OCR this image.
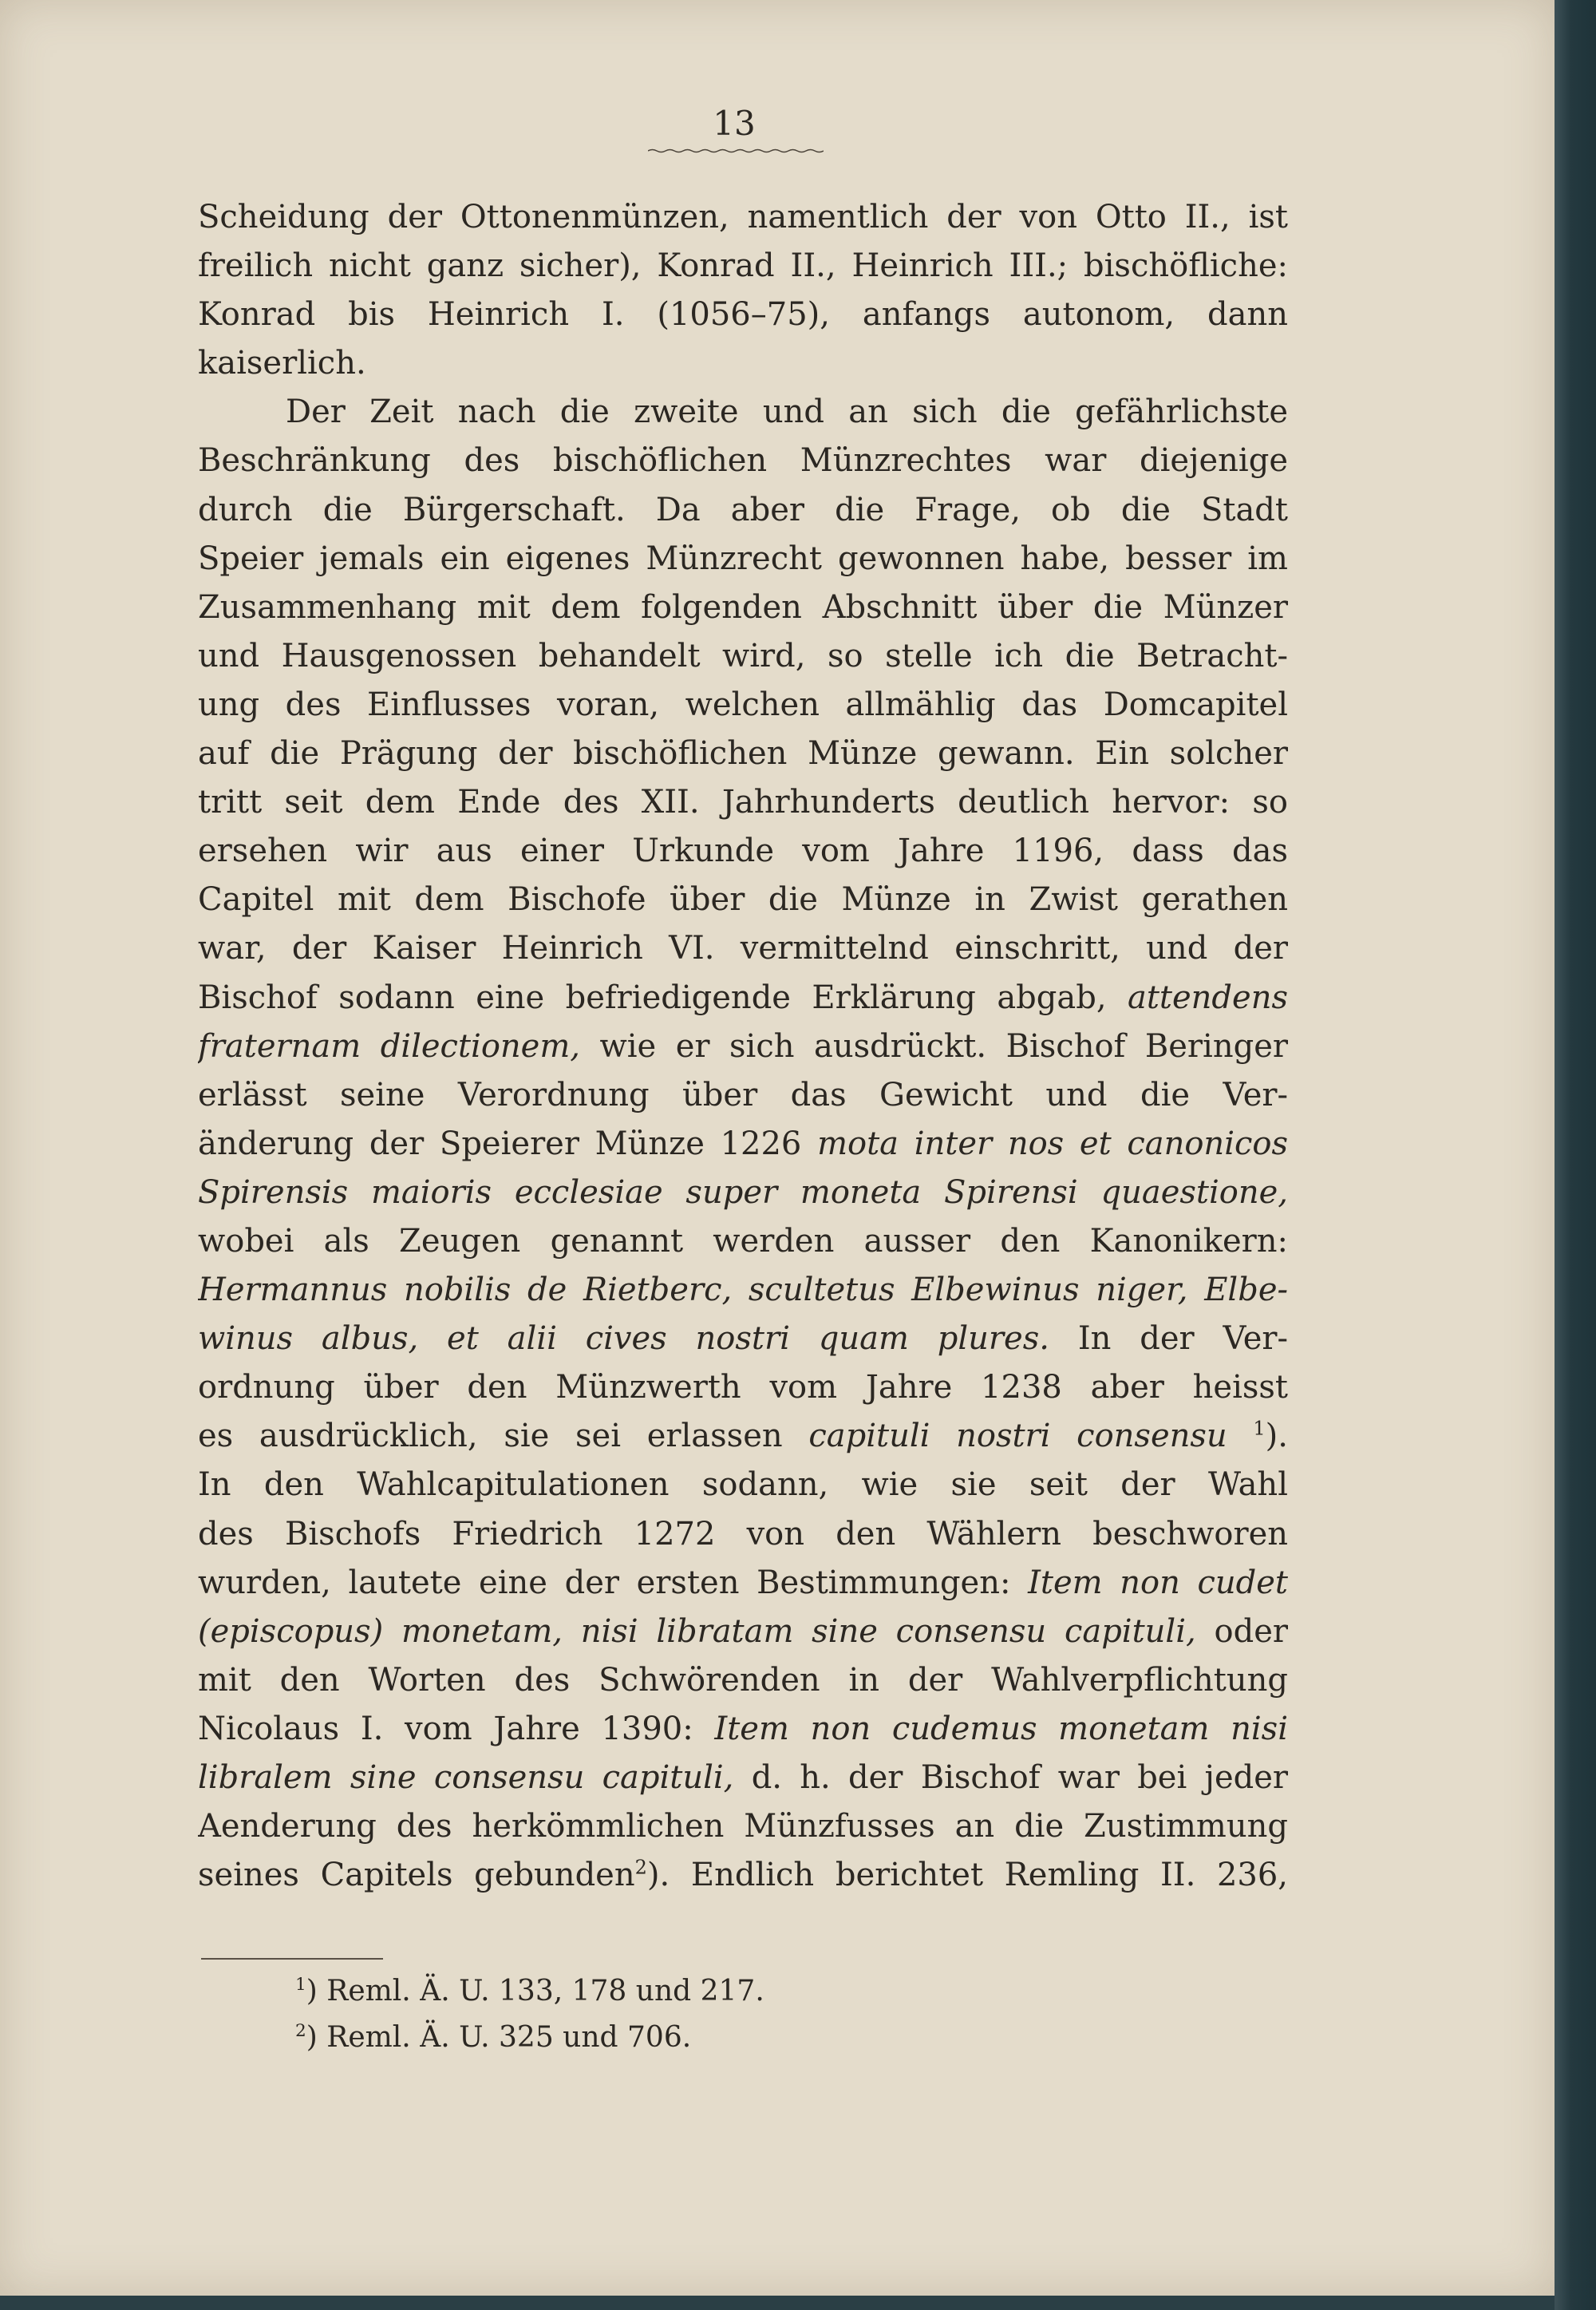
13
Scheidung der Ottonenmünzen, namentlich der von Otto II., ist
freilich nicht ganz sicher), Konrad II., Heinrich III.; bischöfliche:
Konrad bis Heinrich I. (1056–75), anfangs autonom, dann
kaiserlich.
Der Zeit nach die zweite und an sich die gefährlichste
Beschränkung des bischöflichen Münzrechtes war diejenige
durch die Bürgerschaft. Da aber die Frage, ob die Stadt
Speier jemals ein eigenes Münzrecht gewonnen habe, besser im
Zusammenhang mit dem folgenden Abschnitt über die Münzer
und Hausgenossen behandelt wird, so stelle ich die Betracht-
ung des Einflusses voran, welchen allmählig das Domcapitel
auf die Prägung der bischöflichen Münze gewann. Ein solcher
tritt seit dem Ende des XII. Jahrhunderts deutlich hervor: so
ersehen wir aus einer Urkunde vom Jahre 1196, dass das
Capitel mit dem Bischofe über die Münze in Zwist gerathen
war, der Kaiser Heinrich VI. vermittelnd einschritt, und der
Bischof sodann eine befriedigende Erklärung abgab, attendens
fraternam dilectionem, wie er sich ausdrückt. Bischof Beringer
erlässt seine Verordnung über das Gewicht und die Ver-
änderung der Speierer Münze 1226 mota inter nos et canonicos
Spirensis maioris ecclesiae super moneta Spirensi quaestione,
wobei als Zeugen genannt werden ausser den Kanonikern:
Hermannus nobilis de Rietberc, scultetus Elbewinus niger, Elbe-
winus albus, et alii cives nostri quam plures. In der Ver-
ordnung über den Münzwerth vom Jahre 1238 aber heisst
es ausdrücklich, sie sei erlassen capituli nostri consensu $^1$).
In den Wahlcapitulationen sodann, wie sie seit der Wahl
des Bischofs Friedrich 1272 von den Wählern beschworen
wurden, lautete eine der ersten Bestimmungen: Item non cudet
(episcopus) monetam, nisi libratam sine consensu capituli, oder
mit den Worten des Schwörenden in der Wahlverpflichtung
Nicolaus I. vom Jahre 1390: Item non cudemus monetam nisi
libralem sine consensu capituli, d. h. der Bischof war bei jeder
Aenderung des herkömmlichen Münzfusses an die Zustimmung
seines Capitels gebunden$^2$). Endlich berichtet Remling II. 236,
$^1$) Reml. Ä. U. 133, 178 und 217.
$^2$) Reml. Ä. U. 325 und 706.
